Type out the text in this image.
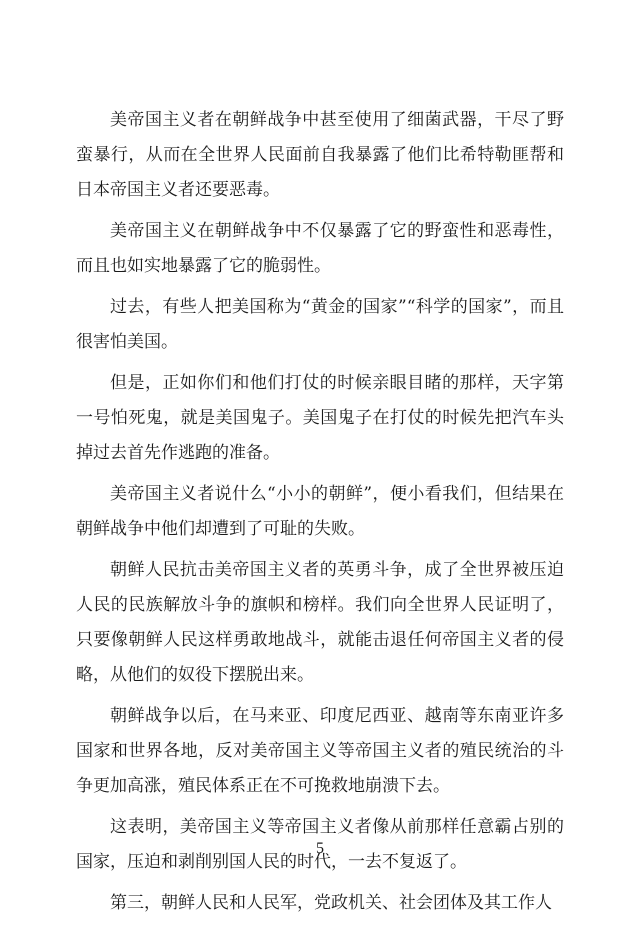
美帝国主义者在朝鲜战争中甚至使用了细菌武器，干尽了野蛮暴行，从而在全世界人民面前自我暴露了他们比希特勒匪帮和日本帝国主义者还要恶毒。

美帝国主义在朝鲜战争中不仅暴露了它的野蛮性和恶毒性，而且也如实地暴露了它的脆弱性。

过去，有些人把美国称为“黄金的国家”“科学的国家”，而且很害怕美国。

但是，正如你们和他们打仗的时候亲眼目睹的那样，天字第一号怕死鬼，就是美国鬼子。美国鬼子在打仗的时候先把汽车头掉过去首先作逃跑的准备。

美帝国主义者说什么“小小的朝鲜”，便小看我们，但结果在朝鲜战争中他们却遭到了可耻的失败。

朝鲜人民抗击美帝国主义者的英勇斗争，成了全世界被压迫人民的民族解放斗争的旗帜和榜样。我们向全世界人民证明了，只要像朝鲜人民这样勇敢地战斗，就能击退任何帝国主义者的侵略，从他们的奴役下摆脱出来。

朝鲜战争以后，在马来亚、印度尼西亚、越南等东南亚许多国家和世界各地，反对美帝国主义等帝国主义者的殖民统治的斗争更加高涨，殖民体系正在不可挽救地崩溃下去。

这表明，美帝国主义等帝国主义者像从前那样任意霸占别的国家，压迫和剥削别国人民的时代，一去不复返了。

第三，朝鲜人民和人民军，党政机关、社会团体及其工作人

5
